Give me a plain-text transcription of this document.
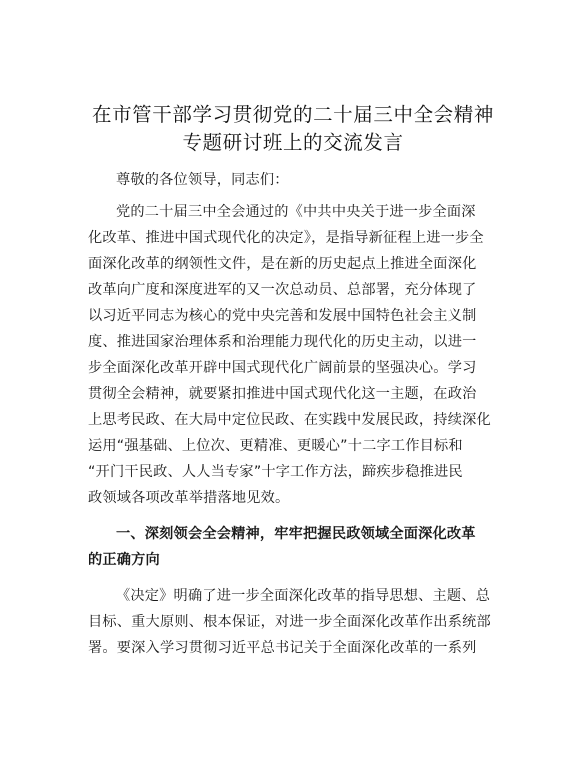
在市管干部学习贯彻党的二十届三中全会精神
专题研讨班上的交流发言
尊敬的各位领导，同志们：
党的二十届三中全会通过的《中共中央关于进一步全面深
化改革、推进中国式现代化的决定》，是指导新征程上进一步全
面深化改革的纲领性文件，是在新的历史起点上推进全面深化
改革向广度和深度进军的又一次总动员、总部署，充分体现了
以习近平同志为核心的党中央完善和发展中国特色社会主义制
度、推进国家治理体系和治理能力现代化的历史主动，以进一
步全面深化改革开辟中国式现代化广阔前景的坚强决心。学习
贯彻全会精神，就要紧扣推进中国式现代化这一主题，在政治
上思考民政、在大局中定位民政、在实践中发展民政，持续深化
运用“强基础、上位次、更精准、更暖心”十二字工作目标和
“开门干民政、人人当专家”十字工作方法，蹄疾步稳推进民
政领域各项改革举措落地见效。
一、深刻领会全会精神，牢牢把握民政领域全面深化改革
的正确方向
《决定》明确了进一步全面深化改革的指导思想、主题、总
目标、重大原则、根本保证，对进一步全面深化改革作出系统部
署。要深入学习贯彻习近平总书记关于全面深化改革的一系列
